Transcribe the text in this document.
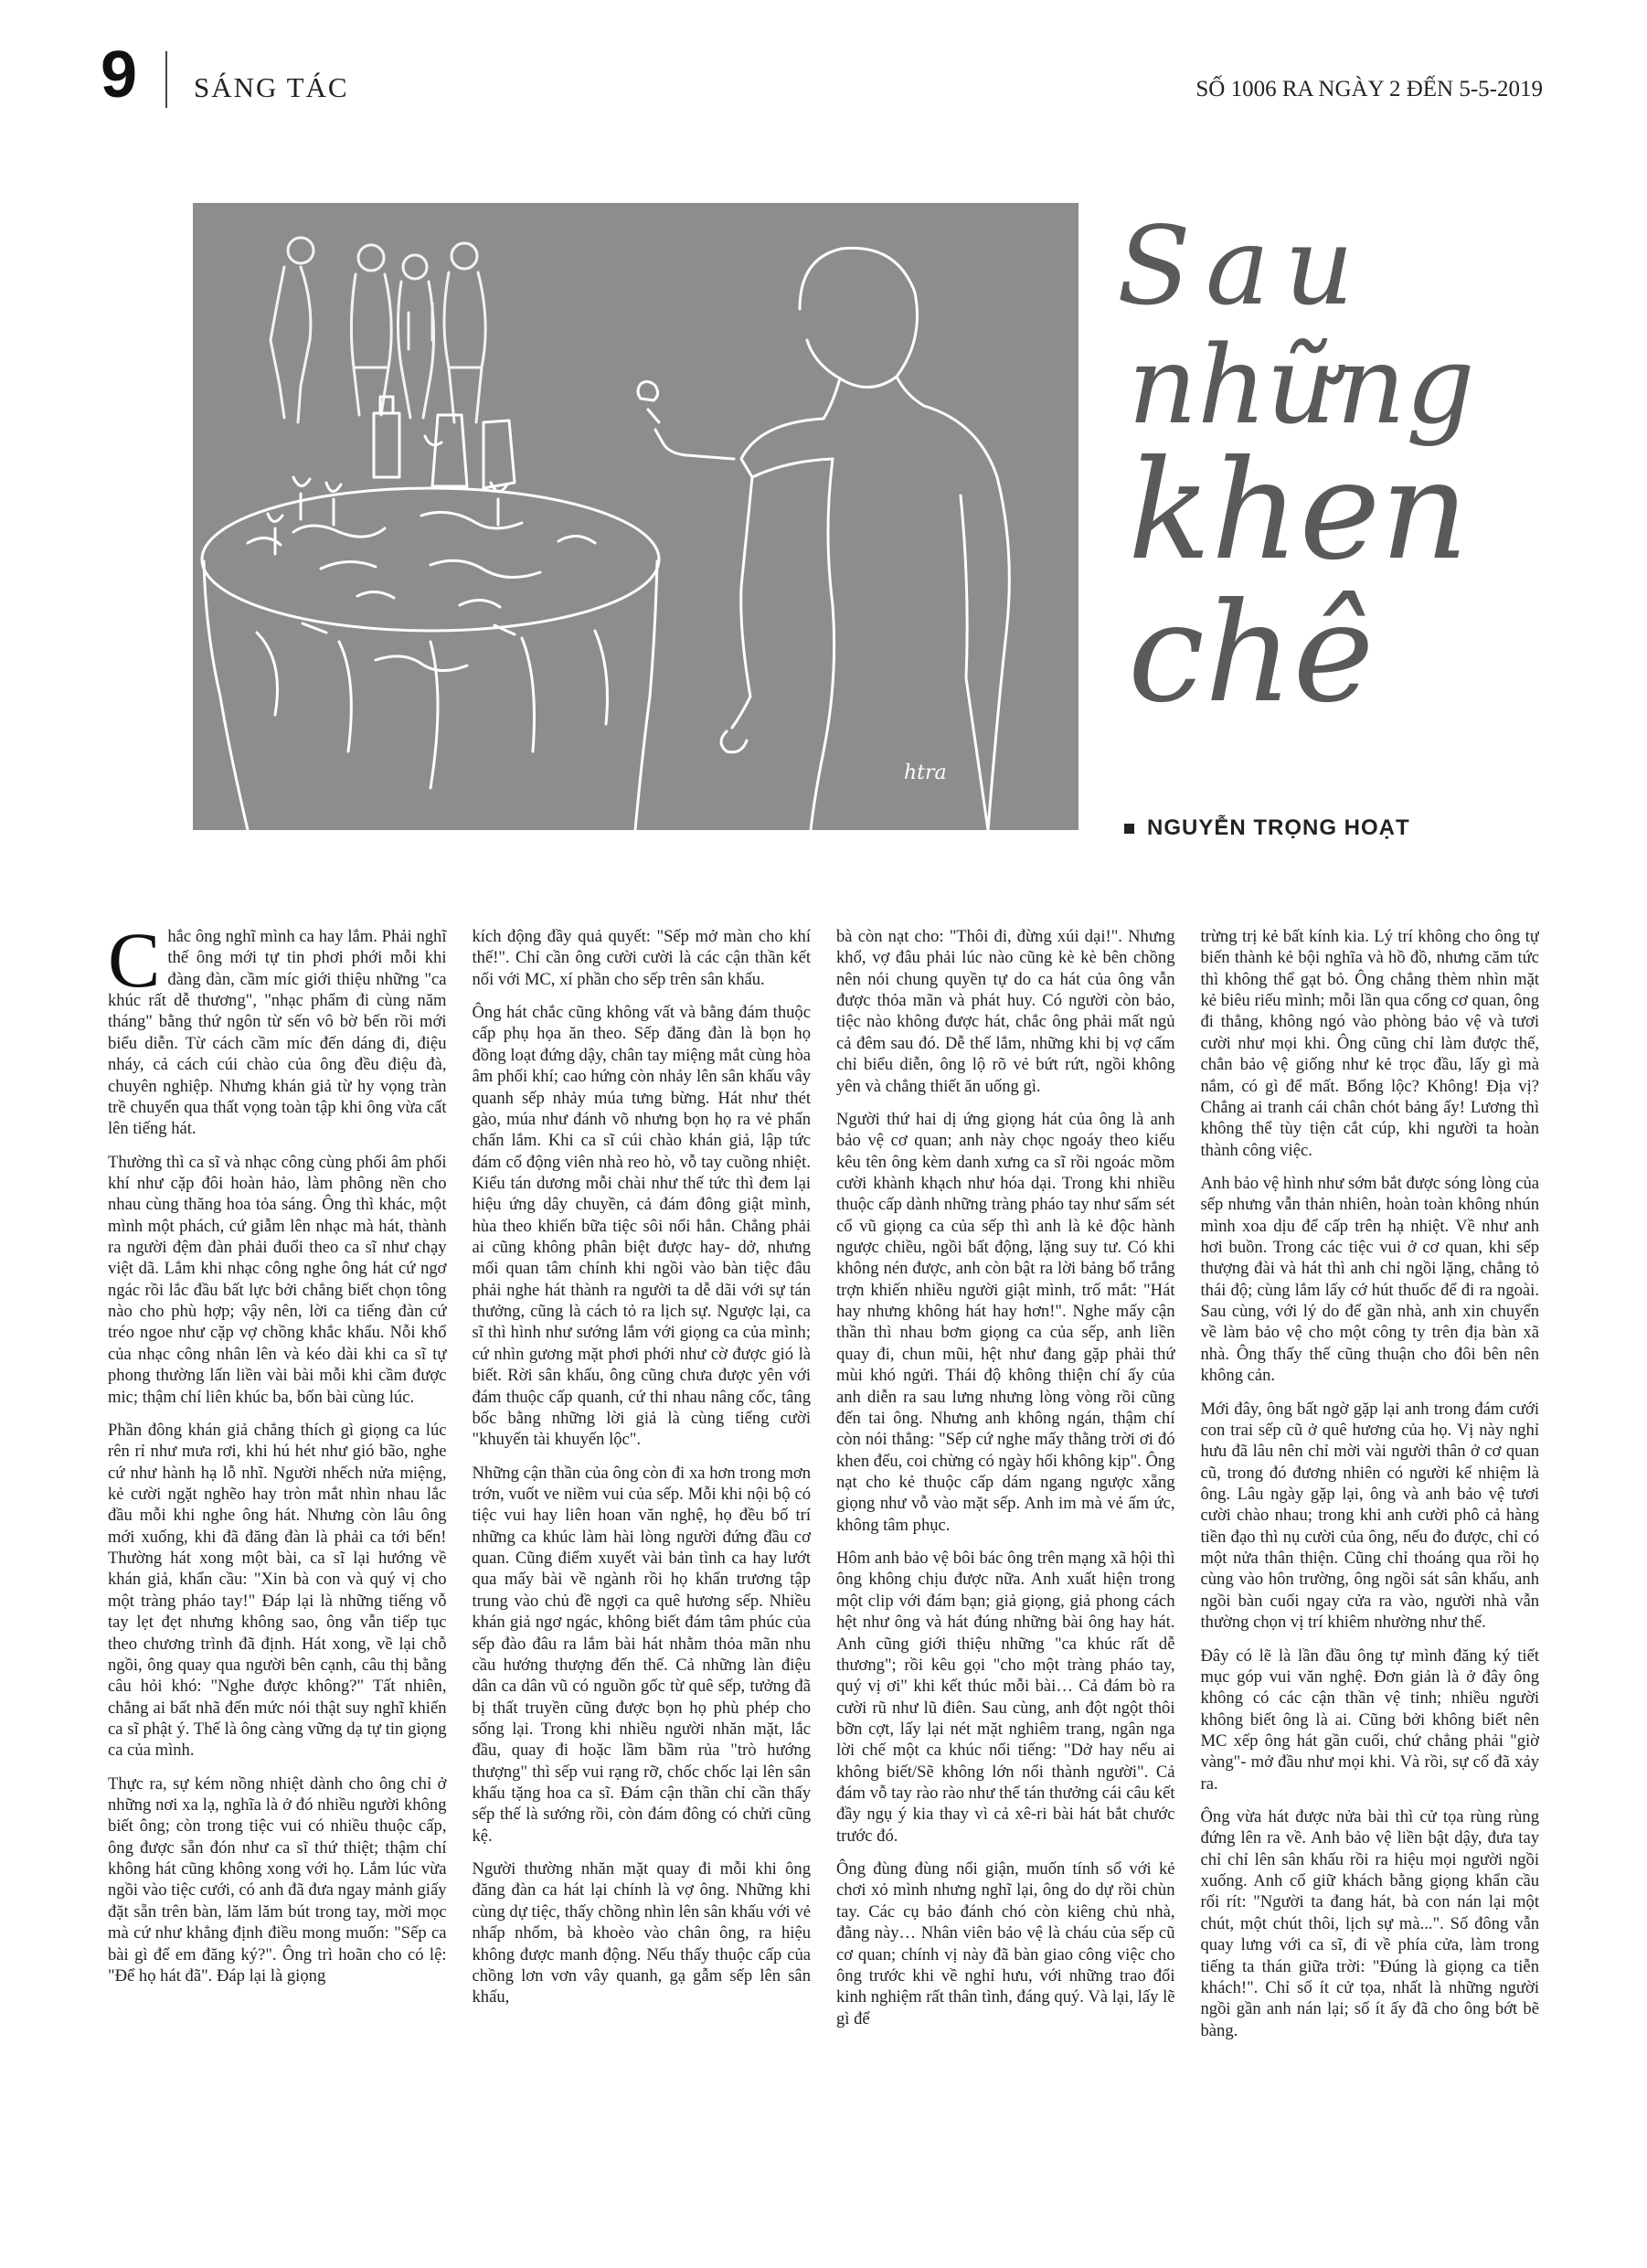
9 SÁNG TÁC	SỐ 1006 RA NGÀY 2 ĐẾN 5-5-2019
htra
Sau
những
khen
chê
NGUYỄN TRỌNG HOẠT

Chắc ông nghĩ mình ca hay lắm. Phải nghĩ thế ông mới tự tin phơi phới mỗi khi đàng đàn, cầm míc giới thiệu những "ca khúc rất dễ thương", "nhạc phẩm đi cùng năm tháng" bằng thứ ngôn từ sến vô bờ bến rồi mới biểu diễn. Từ cách cầm míc đến dáng đi, điệu nháy, cả cách cúi chào của ông đều điệu đà, chuyên nghiệp. Nhưng khán giả từ hy vọng tràn trề chuyển qua thất vọng toàn tập khi ông vừa cất lên tiếng hát.

Thường thì ca sĩ và nhạc công cùng phối âm phối khí như cặp đôi hoàn hảo, làm phông nền cho nhau cùng thăng hoa tỏa sáng. Ông thì khác, một mình một phách, cứ giẫm lên nhạc mà hát, thành ra người đệm đàn phải đuổi theo ca sĩ như chạy việt dã. Lắm khi nhạc công nghe ông hát cứ ngơ ngác rồi lắc đầu bất lực bởi chẳng biết chọn tông nào cho phù hợp; vậy nên, lời ca tiếng đàn cứ tréo ngoe như cặp vợ chồng khắc khẩu. Nỗi khổ của nhạc công nhân lên và kéo dài khi ca sĩ tự phong thường lấn liền vài bài mỗi khi cầm được mic; thậm chí liên khúc ba, bốn bài cùng lúc.

Phần đông khán giả chẳng thích gì giọng ca lúc rên rỉ như mưa rơi, khi hú hét như gió bão, nghe cứ như hành hạ lỗ nhĩ. Người nhếch nửa miệng, kẻ cười ngặt nghẽo hay tròn mắt nhìn nhau lắc đầu mỗi khi nghe ông hát. Nhưng còn lâu ông mới xuống, khi đã đăng đàn là phải ca tới bến! Thường hát xong một bài, ca sĩ lại hướng về khán giả, khẩn cầu: "Xin bà con và quý vị cho một tràng pháo tay!" Đáp lại là những tiếng vỗ tay lẹt đẹt nhưng không sao, ông vẫn tiếp tục theo chương trình đã định. Hát xong, về lại chỗ ngồi, ông quay qua người bên cạnh, câu thị bằng câu hỏi khó: "Nghe được không?" Tất nhiên, chẳng ai bất nhã đến mức nói thật suy nghĩ khiến ca sĩ phật ý. Thế là ông càng vững dạ tự tin giọng ca của mình.

Thực ra, sự kém nồng nhiệt dành cho ông chỉ ở những nơi xa lạ, nghĩa là ở đó nhiều người không biết ông; còn trong tiệc vui có nhiều thuộc cấp, ông được sẵn đón như ca sĩ thứ thiệt; thậm chí không hát cũng không xong với họ. Lắm lúc vừa ngồi vào tiệc cưới, có anh đã đưa ngay mảnh giấy đặt sẵn trên bàn, lăm lăm bút trong tay, mời mọc mà cứ như khẳng định điều mong muốn: "Sếp ca bài gì để em đăng ký?". Ông trì hoãn cho có lệ: "Để họ hát đã". Đáp lại là giọng

kích động đầy quả quyết: "Sếp mở màn cho khí thế!". Chỉ cần ông cười cười là các cận thần kết nối với MC, xí phần cho sếp trên sân khấu.

Ông hát chắc cũng không vất và bằng đám thuộc cấp phụ họa ăn theo. Sếp đăng đàn là bọn họ đồng loạt đứng dậy, chân tay miệng mắt cùng hòa âm phối khí; cao hứng còn nhảy lên sân khấu vây quanh sếp nhảy múa tưng bừng. Hát như thét gào, múa như đánh võ nhưng bọn họ ra vẻ phấn chấn lắm. Khi ca sĩ cúi chào khán giả, lập tức đám cổ động viên nhà reo hò, vỗ tay cuồng nhiệt. Kiểu tán dương mỗi chài như thế tức thì đem lại hiệu ứng dây chuyền, cả đám đông giật mình, hùa theo khiến bữa tiệc sôi nổi hẳn. Chẳng phải ai cũng không phân biệt được hay- dở, nhưng mối quan tâm chính khi ngồi vào bàn tiệc đâu phải nghe hát thành ra người ta dễ dãi với sự tán thưởng, cũng là cách tỏ ra lịch sự. Ngược lại, ca sĩ thì hình như sướng lắm với giọng ca của mình; cứ nhìn gương mặt phơi phới như cờ được gió là biết. Rời sân khấu, ông cũng chưa được yên với đám thuộc cấp quanh, cứ thi nhau nâng cốc, tâng bốc bằng những lời giả là cùng tiếng cười "khuyến tài khuyến lộc".

Những cận thần của ông còn đi xa hơn trong mơn trớn, vuốt ve niềm vui của sếp. Mỗi khi nội bộ có tiệc vui hay liên hoan văn nghệ, họ đều bố trí những ca khúc làm hài lòng người đứng đầu cơ quan. Cũng điểm xuyết vài bản tình ca hay lướt qua mấy bài về ngành rồi họ khẩn trương tập trung vào chủ đề ngợi ca quê hương sếp. Nhiều khán giả ngơ ngác, không biết đám tâm phúc của sếp đào đâu ra lắm bài hát nhằm thỏa mãn nhu cầu hướng thượng đến thế. Cả những làn điệu dân ca dân vũ có nguồn gốc từ quê sếp, tưởng đã bị thất truyền cũng được bọn họ phù phép cho sống lại. Trong khi nhiều người nhăn mặt, lắc đầu, quay đi hoặc lầm bầm rủa "trò hướng thượng" thì sếp vui rạng rỡ, chốc chốc lại lên sân khấu tặng hoa ca sĩ. Đám cận thần chỉ cần thấy sếp thế là sướng rồi, còn đám đông có chửi cũng kệ.

Người thường nhăn mặt quay đi mỗi khi ông đăng đàn ca hát lại chính là vợ ông. Những khi cùng dự tiệc, thấy chồng nhìn lên sân khấu với vẻ nhấp nhổm, bà khoèo vào chân ông, ra hiệu không được manh động. Nếu thấy thuộc cấp của chồng lơn vơn vây quanh, gạ gẫm sếp lên sân khấu,

bà còn nạt cho: "Thôi đi, đừng xúi dại!". Nhưng khổ, vợ đâu phải lúc nào cũng kè kè bên chồng nên nói chung quyền tự do ca hát của ông vẫn được thỏa mãn và phát huy. Có người còn bảo, tiệc nào không được hát, chắc ông phải mất ngủ cả đêm sau đó. Dễ thế lắm, những khi bị vợ cấm chỉ biểu diễn, ông lộ rõ vẻ bứt rứt, ngồi không yên và chẳng thiết ăn uống gì.

Người thứ hai dị ứng giọng hát của ông là anh bảo vệ cơ quan; anh này chọc ngoáy theo kiểu kêu tên ông kèm danh xưng ca sĩ rồi ngoác mồm cười khành khạch như hóa dại. Trong khi nhiều thuộc cấp dành những tràng pháo tay như sấm sét cổ vũ giọng ca của sếp thì anh là kẻ độc hành ngược chiều, ngồi bất động, lặng suy tư. Có khi không nén được, anh còn bật ra lời bảng bổ trắng trợn khiến nhiều người giật mình, trố mắt: "Hát hay nhưng không hát hay hơn!". Nghe mấy cận thần thì nhau bơm giọng ca của sếp, anh liền quay đi, chun mũi, hệt như đang gặp phải thứ mùi khó ngửi. Thái độ không thiện chí ấy của anh diễn ra sau lưng nhưng lòng vòng rồi cũng đến tai ông. Nhưng anh không ngán, thậm chí còn nói thẳng: "Sếp cứ nghe mấy thằng trời ơi đó khen đểu, coi chừng có ngày hối không kịp". Ông nạt cho kẻ thuộc cấp dám ngang ngược xẵng giọng như vỗ vào mặt sếp. Anh im mà vẻ ấm ức, không tâm phục.

Hôm anh bảo vệ bôi bác ông trên mạng xã hội thì ông không chịu được nữa. Anh xuất hiện trong một clip với đám bạn; giả giọng, giả phong cách hệt như ông và hát đúng những bài ông hay hát. Anh cũng giới thiệu những "ca khúc rất dễ thương"; rồi kêu gọi "cho một tràng pháo tay, quý vị ơi" khi kết thúc mỗi bài… Cả đám bò ra cười rũ như lũ điên. Sau cùng, anh đột ngột thôi bỡn cợt, lấy lại nét mặt nghiêm trang, ngân nga lời chế một ca khúc nổi tiếng: "Dở hay nếu ai không biết/Sẽ không lớn nổi thành người". Cả đám vỗ tay rào rào như thể tán thưởng cái câu kết đầy ngụ ý kia thay vì cả xê-ri bài hát bắt chước trước đó.

Ông đùng đùng nổi giận, muốn tính sổ với kẻ chơi xỏ mình nhưng nghĩ lại, ông do dự rồi chùn tay. Các cụ bảo đánh chó còn kiêng chủ nhà, đằng này… Nhân viên bảo vệ là cháu của sếp cũ cơ quan; chính vị này đã bàn giao công việc cho ông trước khi về nghỉ hưu, với những trao đổi kinh nghiệm rất thân tình, đáng quý. Và lại, lấy lẽ gì để

trừng trị kẻ bất kính kia. Lý trí không cho ông tự biến thành kẻ bội nghĩa và hồ đồ, nhưng căm tức thì không thể gạt bỏ. Ông chẳng thèm nhìn mặt kẻ biêu riếu mình; mỗi lần qua cổng cơ quan, ông đi thẳng, không ngó vào phòng bảo vệ và tươi cười như mọi khi. Ông cũng chỉ làm được thế, chẳn bảo vệ giống như kẻ trọc đầu, lấy gì mà nắm, có gì để mất. Bổng lộc? Không! Địa vị? Chẳng ai tranh cái chân chót bảng ấy! Lương thì không thể tùy tiện cắt cúp, khi người ta hoàn thành công việc.

Anh bảo vệ hình như sớm bắt được sóng lòng của sếp nhưng vẫn thản nhiên, hoàn toàn không nhún mình xoa dịu để cấp trên hạ nhiệt. Về như anh hơi buồn. Trong các tiệc vui ở cơ quan, khi sếp thượng đài và hát thì anh chỉ ngồi lặng, chẳng tỏ thái độ; cùng lắm lấy cớ hút thuốc để đi ra ngoài. Sau cùng, với lý do để gần nhà, anh xin chuyển về làm bảo vệ cho một công ty trên địa bàn xã nhà. Ông thấy thế cũng thuận cho đôi bên nên không cản.

Mới đây, ông bất ngờ gặp lại anh trong đám cưới con trai sếp cũ ở quê hương của họ. Vị này nghỉ hưu đã lâu nên chỉ mời vài người thân ở cơ quan cũ, trong đó đương nhiên có người kế nhiệm là ông. Lâu ngày gặp lại, ông và anh bảo vệ tươi cười chào nhau; trong khi anh cười phô cả hàng tiền đạo thì nụ cười của ông, nếu đo được, chỉ có một nửa thân thiện. Cũng chỉ thoáng qua rồi họ cùng vào hôn trường, ông ngồi sát sân khấu, anh ngồi bàn cuối ngay cửa ra vào, người nhà vẫn thường chọn vị trí khiêm nhường như thế.

Đây có lẽ là lần đầu ông tự mình đăng ký tiết mục góp vui văn nghệ. Đơn giản là ở đây ông không có các cận thần vệ tinh; nhiều người không biết ông là ai. Cũng bởi không biết nên MC xếp ông hát gần cuối, chứ chẳng phải "giờ vàng"- mở đầu như mọi khi. Và rồi, sự cố đã xảy ra.

Ông vừa hát được nửa bài thì cử tọa rùng rùng đứng lên ra về. Anh bảo vệ liền bật dậy, đưa tay chỉ chỉ lên sân khấu rồi ra hiệu mọi người ngồi xuống. Anh cố giữ khách bằng giọng khẩn cầu rối rít: "Người ta đang hát, bà con nán lại một chút, một chút thôi, lịch sự mà...". Số đông vẫn quay lưng với ca sĩ, đi về phía cửa, làm trong tiếng ta thán giữa trời: "Đúng là giọng ca tiễn khách!". Chỉ số ít cử tọa, nhất là những người ngồi gần anh nán lại; số ít ấy đã cho ông bớt bẽ bàng.
